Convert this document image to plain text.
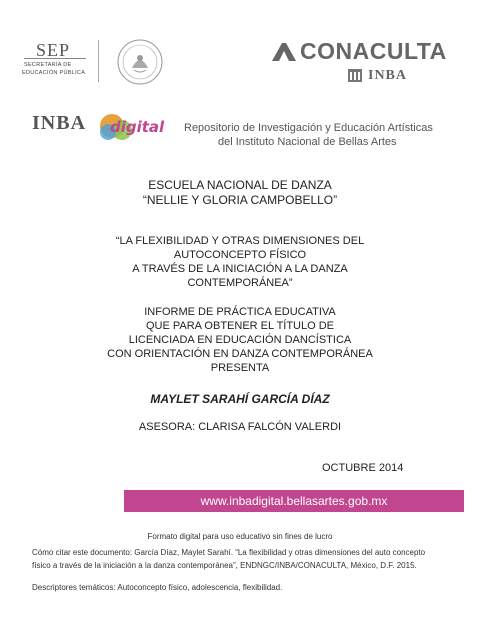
SEP
SECRETARÍA DE
EDUCACIÓN PÚBLICA
CONACULTA
INBA
INBA digital Repositorio de Investigación y Educación Artísticas
del Instituto Nacional de Bellas Artes
ESCUELA NACIONAL DE DANZA
“NELLIE Y GLORIA CAMPOBELLO”
“LA FLEXIBILIDAD Y OTRAS DIMENSIONES DEL
AUTOCONCEPTO FÍSICO
A TRAVÉS DE LA INICIACIÓN A LA DANZA
CONTEMPORÁNEA”
INFORME DE PRÁCTICA EDUCATIVA
QUE PARA OBTENER EL TÍTULO DE
LICENCIADA EN EDUCACIÓN DANCÍSTICA
CON ORIENTACIÓN EN DANZA CONTEMPORÁNEA
PRESENTA
MAYLET SARAHÍ GARCÍA DÍAZ
ASESORA: CLARISA FALCÓN VALERDI
OCTUBRE 2014
www.inbadigital.bellasartes.gob.mx
Formato digital para uso educativo sin fines de lucro
Cómo citar este documento: García Díaz, Maylet Sarahí. “La flexibilidad y otras dimensiones del auto concepto
físico a través de la iniciación a la danza contemporánea”, ENDNGC/INBA/CONACULTA, México, D.F. 2015.
Descriptores temáticos: Autoconcepto físico, adolescencia, flexibilidad.
